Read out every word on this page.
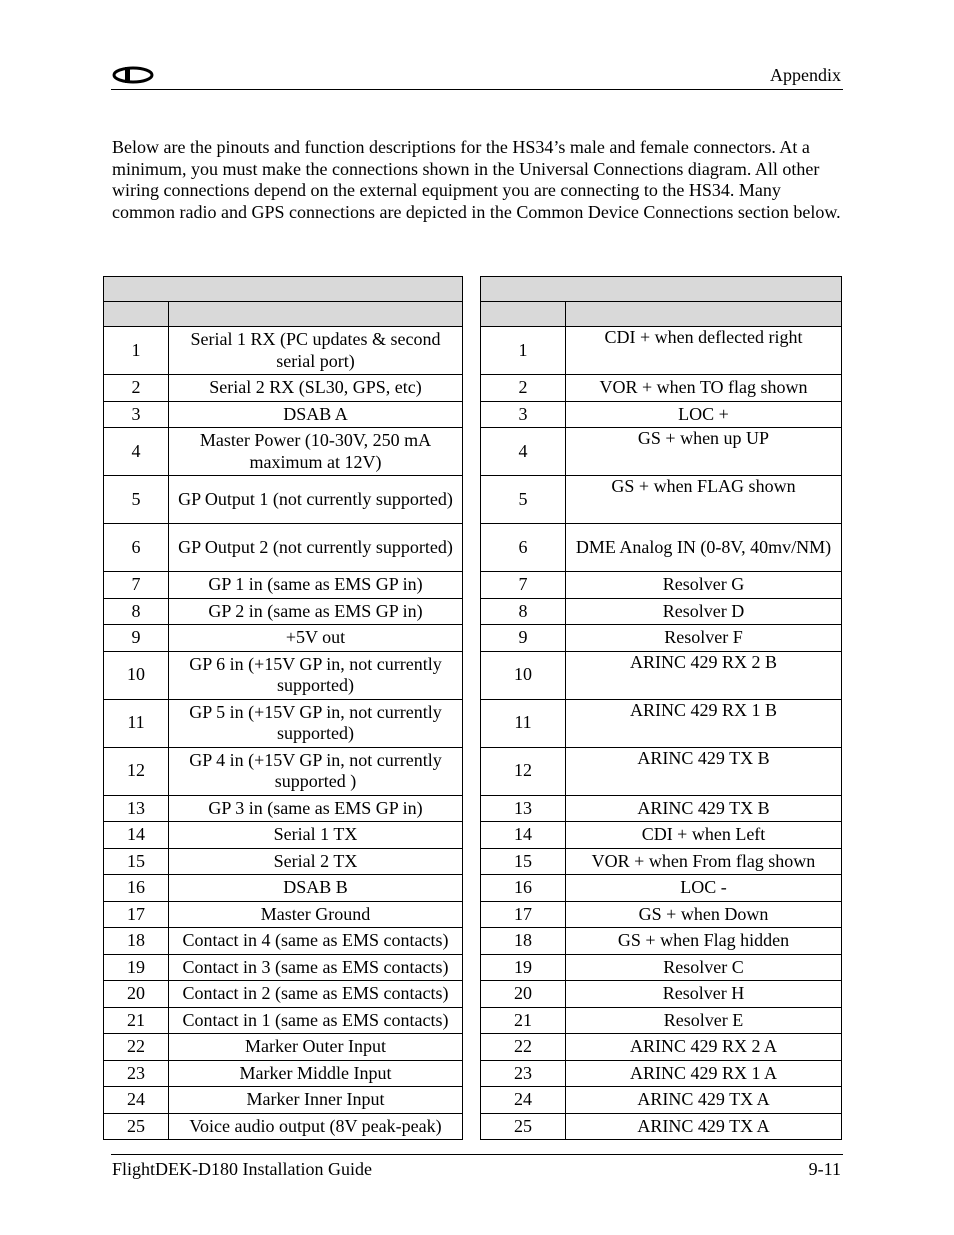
Appendix

Below are the pinouts and function descriptions for the HS34’s male and female connectors. At a minimum, you must make the connections shown in the Universal Connections diagram. All other wiring connections depend on the external equipment you are connecting to the HS34. Many common radio and GPS connections are depicted in the Common Device Connections section below.

1	Serial 1 RX (PC updates & second serial port)
2	Serial 2 RX (SL30, GPS, etc)
3	DSAB A
4	Master Power (10-30V, 250 mA maximum at 12V)
5	GP Output 1 (not currently supported)
6	GP Output 2 (not currently supported)
7	GP 1 in (same as EMS GP in)
8	GP 2 in (same as EMS GP in)
9	+5V out
10	GP 6 in (+15V GP in, not currently supported)
11	GP 5 in (+15V GP in, not currently supported)
12	GP 4 in (+15V GP in, not currently supported )
13	GP 3 in (same as EMS GP in)
14	Serial 1 TX
15	Serial 2 TX
16	DSAB B
17	Master Ground
18	Contact in 4 (same as EMS contacts)
19	Contact in 3 (same as EMS contacts)
20	Contact in 2 (same as EMS contacts)
21	Contact in 1 (same as EMS contacts)
22	Marker Outer Input
23	Marker Middle Input
24	Marker Inner Input
25	Voice audio output (8V peak-peak)

1	CDI + when deflected right
2	VOR + when TO flag shown
3	LOC +
4	GS + when up UP
5	GS + when FLAG shown
6	DME Analog IN (0-8V, 40mv/NM)
7	Resolver G
8	Resolver D
9	Resolver F
10	ARINC 429 RX 2 B
11	ARINC 429 RX 1 B
12	ARINC 429 TX B
13	ARINC 429 TX B
14	CDI + when Left
15	VOR + when From flag shown
16	LOC -
17	GS + when Down
18	GS + when Flag hidden
19	Resolver C
20	Resolver H
21	Resolver E
22	ARINC 429 RX 2 A
23	ARINC 429 RX 1 A
24	ARINC 429 TX A
25	ARINC 429 TX A
FlightDEK-D180 Installation Guide	9-11
